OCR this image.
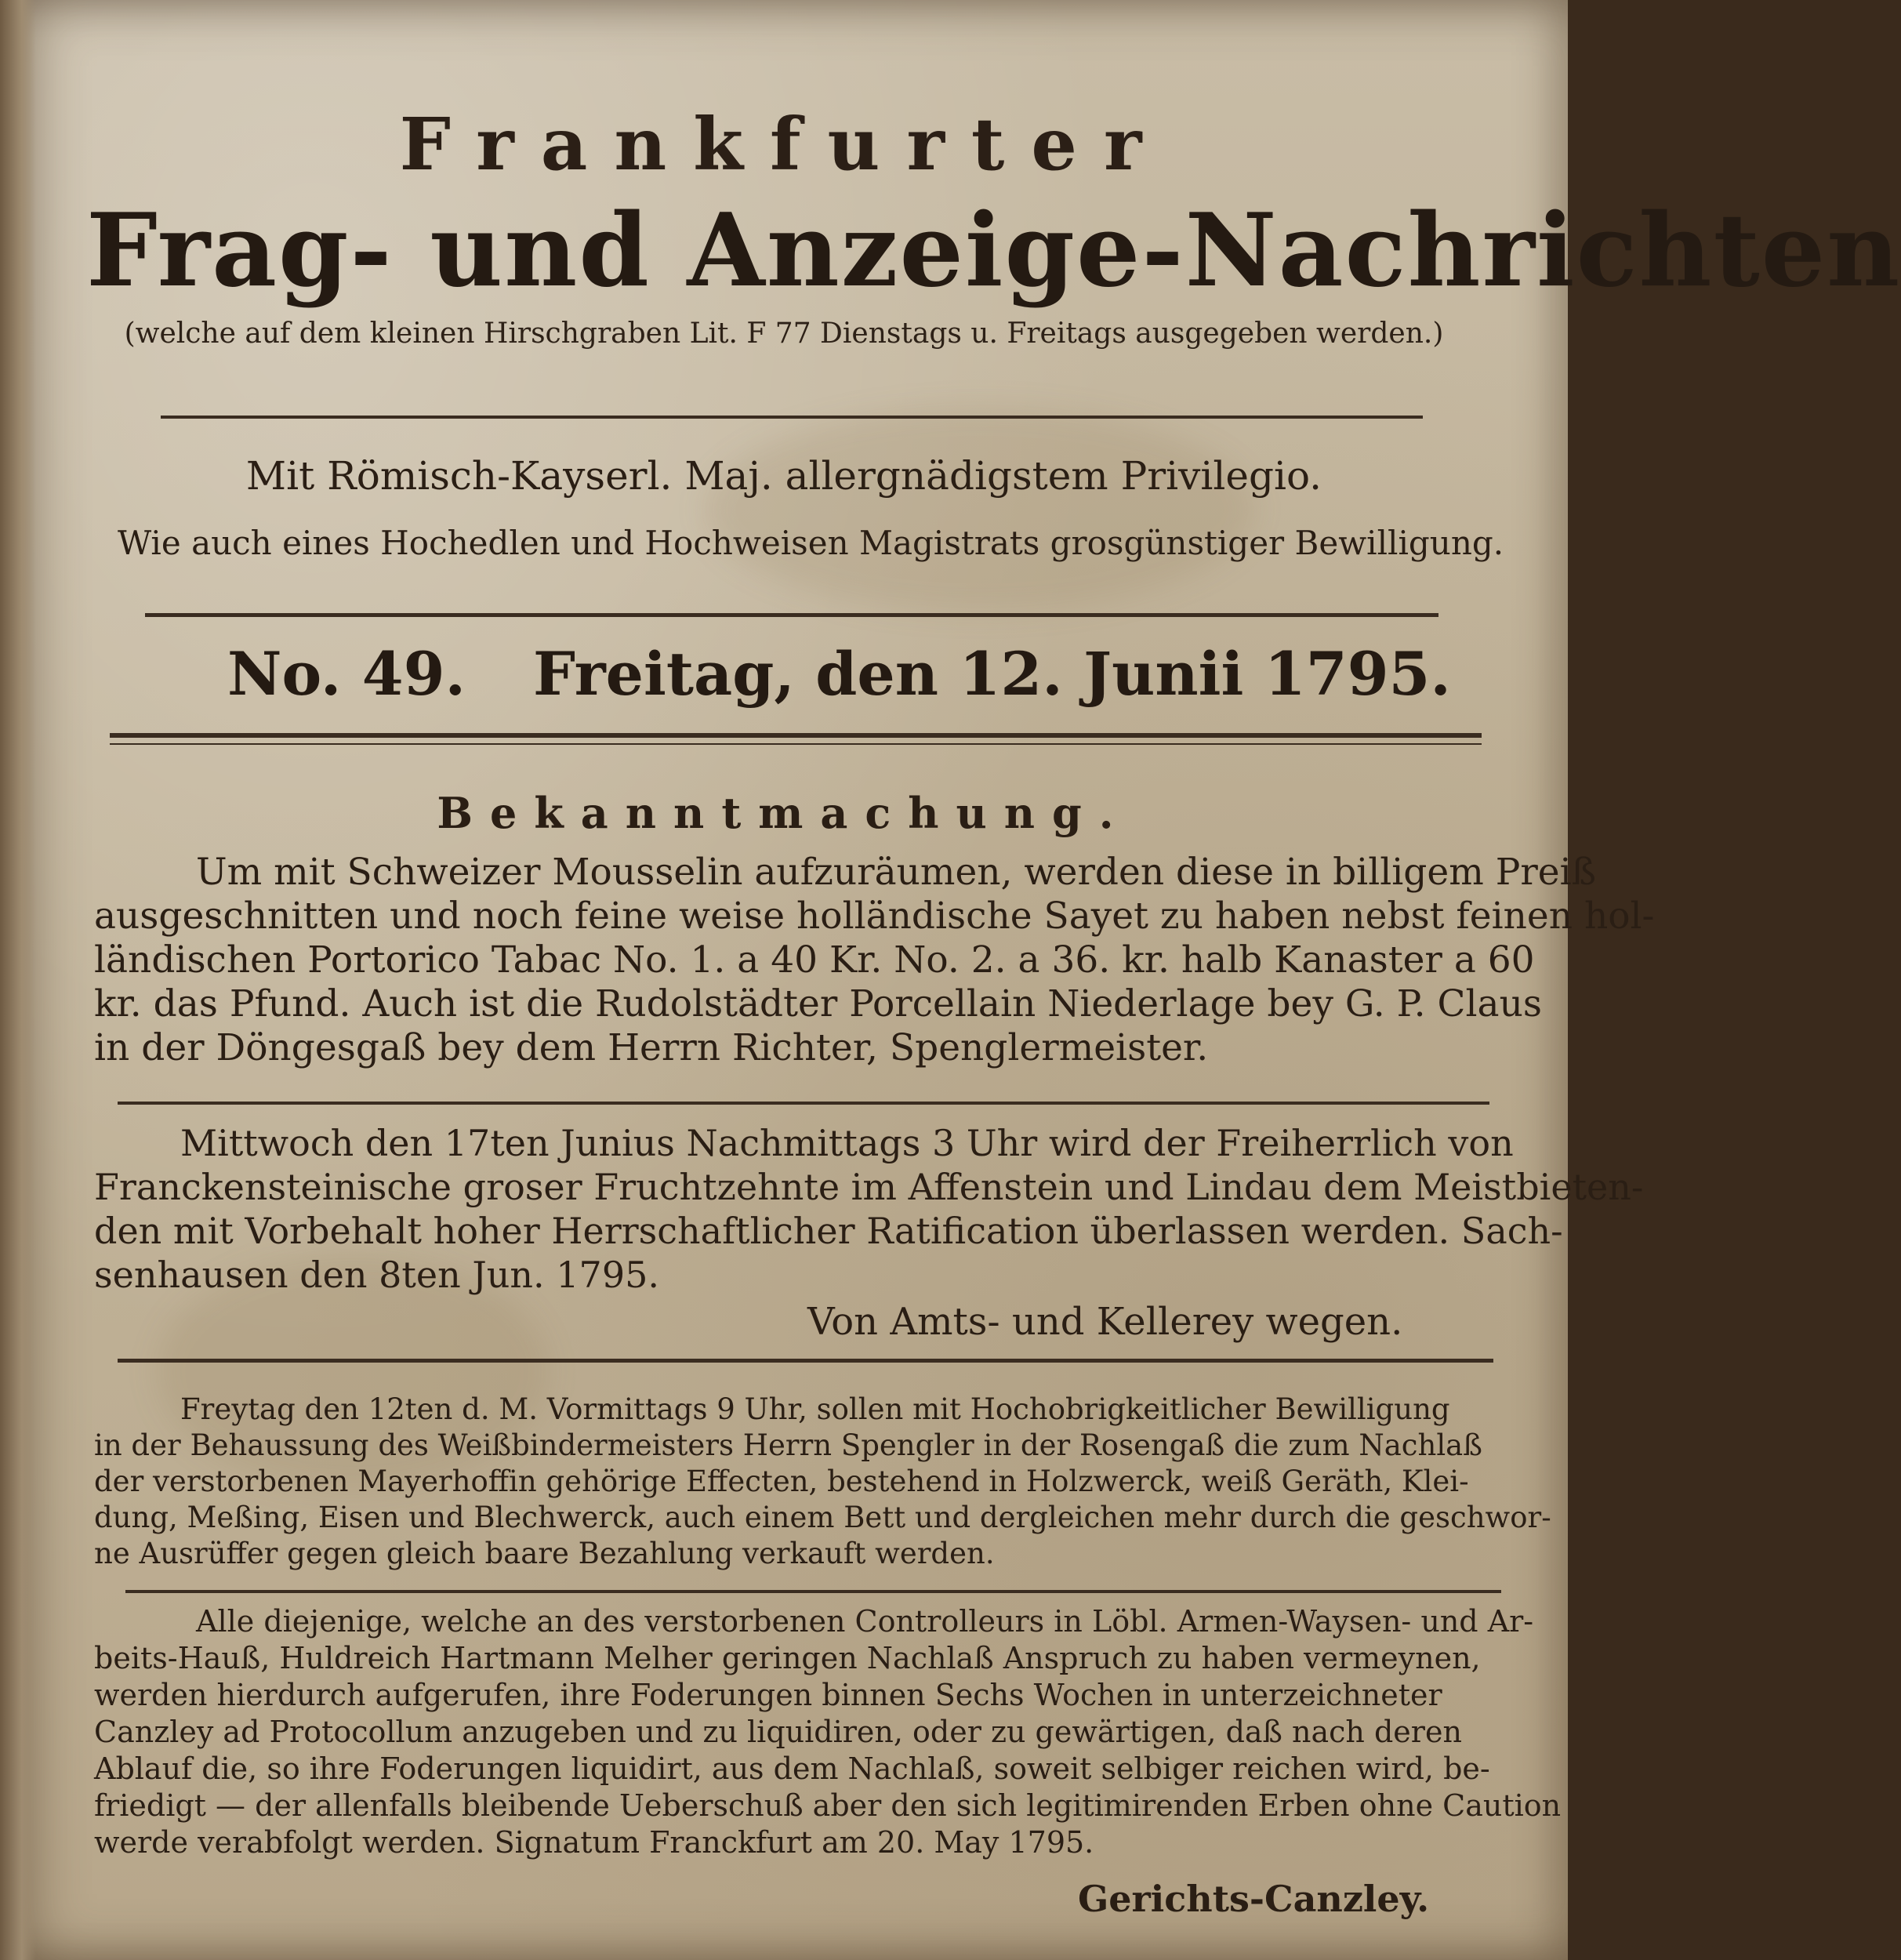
Frankfurter
Frag- und Anzeige-Nachrichten
(welche auf dem kleinen Hirschgraben Lit. F 77 Dienstags u. Freitags ausgegeben werden.)
Mit Römisch-Kayserl. Maj. allergnädigstem Privilegio.
Wie auch eines Hochedlen und Hochweisen Magistrats grosgünstiger Bewilligung.
No. 49. Freitag, den 12. Junii 1795.
Bekanntmachung.
Um mit Schweizer Mousselin aufzuräumen, werden diese in billigem Preiß
ausgeschnitten und noch feine weise holländische Sayet zu haben nebst feinen hol-
ländischen Portorico Tabac No. 1. a 40 Kr. No. 2. a 36. kr. halb Kanaster a 60
kr. das Pfund. Auch ist die Rudolstädter Porcellain Niederlage bey G. P. Claus
in der Döngesgaß bey dem Herrn Richter, Spenglermeister.
Mittwoch den 17ten Junius Nachmittags 3 Uhr wird der Freiherrlich von
Franckensteinische groser Fruchtzehnte im Affenstein und Lindau dem Meistbieten-
den mit Vorbehalt hoher Herrschaftlicher Ratification überlassen werden. Sach-
senhausen den 8ten Jun. 1795.
Von Amts- und Kellerey wegen.
Freytag den 12ten d. M. Vormittags 9 Uhr, sollen mit Hochobrigkeitlicher Bewilligung
in der Behaussung des Weißbindermeisters Herrn Spengler in der Rosengaß die zum Nachlaß
der verstorbenen Mayerhoffin gehörige Effecten, bestehend in Holzwerck, weiß Geräth, Klei-
dung, Meßing, Eisen und Blechwerck, auch einem Bett und dergleichen mehr durch die geschwor-
ne Ausrüffer gegen gleich baare Bezahlung verkauft werden.
Alle diejenige, welche an des verstorbenen Controlleurs in Löbl. Armen-Waysen- und Ar-
beits-Hauß, Huldreich Hartmann Melher geringen Nachlaß Anspruch zu haben vermeynen,
werden hierdurch aufgerufen, ihre Foderungen binnen Sechs Wochen in unterzeichneter
Canzley ad Protocollum anzugeben und zu liquidiren, oder zu gewärtigen, daß nach deren
Ablauf die, so ihre Foderungen liquidirt, aus dem Nachlaß, soweit selbiger reichen wird, be-
friedigt — der allenfalls bleibende Ueberschuß aber den sich legitimirenden Erben ohne Caution
werde verabfolgt werden. Signatum Franckfurt am 20. May 1795.
Gerichts-Canzley.
